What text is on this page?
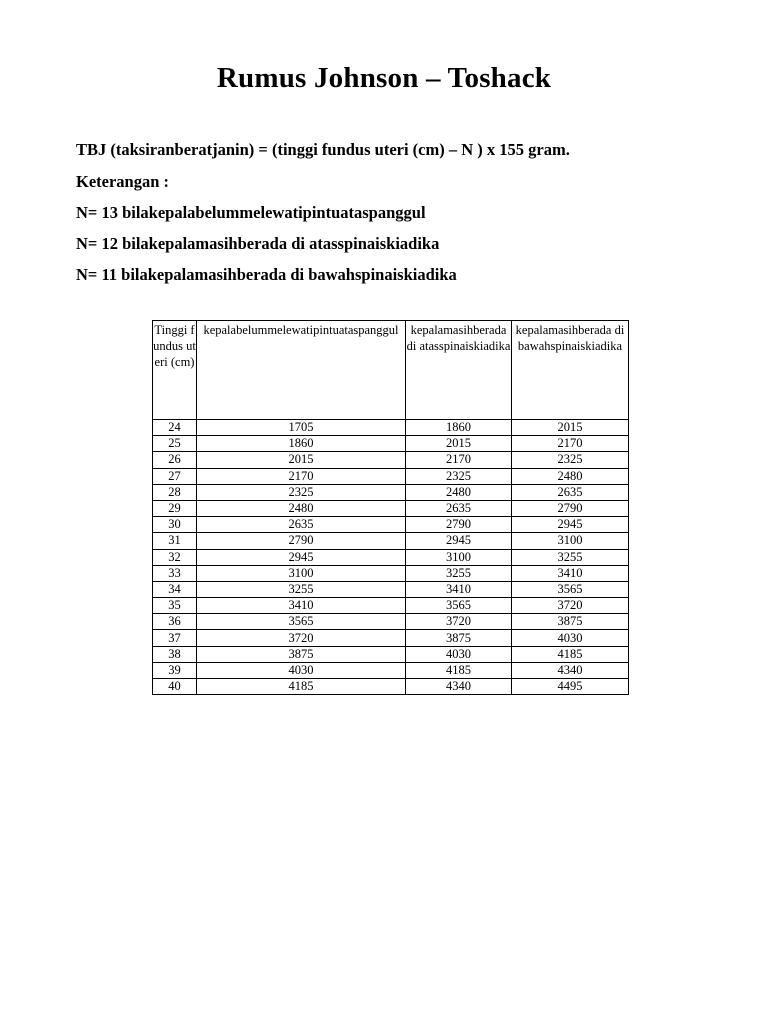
Rumus Johnson – Toshack

TBJ (taksiranberatjanin) = (tinggi fundus uteri (cm) – N ) x 155 gram.

Keterangan :

N= 13 bilakepalabelummelewatipintuataspanggul

N= 12 bilakepalamasihberada di atasspinaiskiadika

N= 11 bilakepalamasihberada di bawahspinaiskiadika

Tinggi fundus uteri (cm)	kepalabelummelewatipintuataspanggul	kepalamasihberada di atasspinaiskiadika	kepalamasihberada di bawahspinaiskiadika
24	1705	1860	2015
25	1860	2015	2170
26	2015	2170	2325
27	2170	2325	2480
28	2325	2480	2635
29	2480	2635	2790
30	2635	2790	2945
31	2790	2945	3100
32	2945	3100	3255
33	3100	3255	3410
34	3255	3410	3565
35	3410	3565	3720
36	3565	3720	3875
37	3720	3875	4030
38	3875	4030	4185
39	4030	4185	4340
40	4185	4340	4495
